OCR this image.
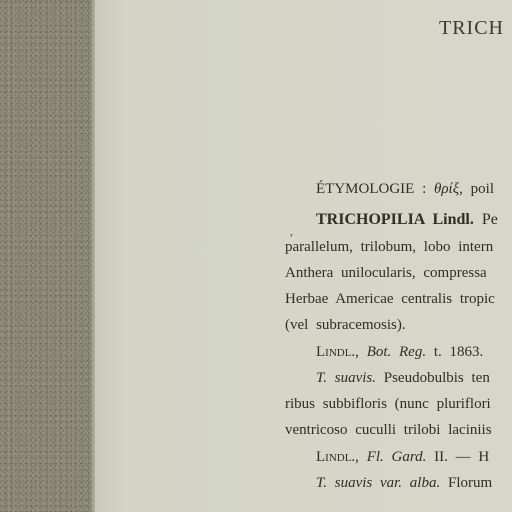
TRICH
ÉTYMOLOGIE : θρίξ, poil
,
TRICHOPILIA Lindl. Pe
parallelum, trilobum, lobo intern
Anthera unilocularis, compressa
Herbae Americae centralis tropic
(vel subracemosis).
Lindl., Bot. Reg. t. 1863.
T. suavis. Pseudobulbis ten
ribus subbifloris (nunc pluriflori
ventricoso cuculli trilobi laciniis
Lindl., Fl. Gard. II. — H
T. suavis var. alba. Florum
